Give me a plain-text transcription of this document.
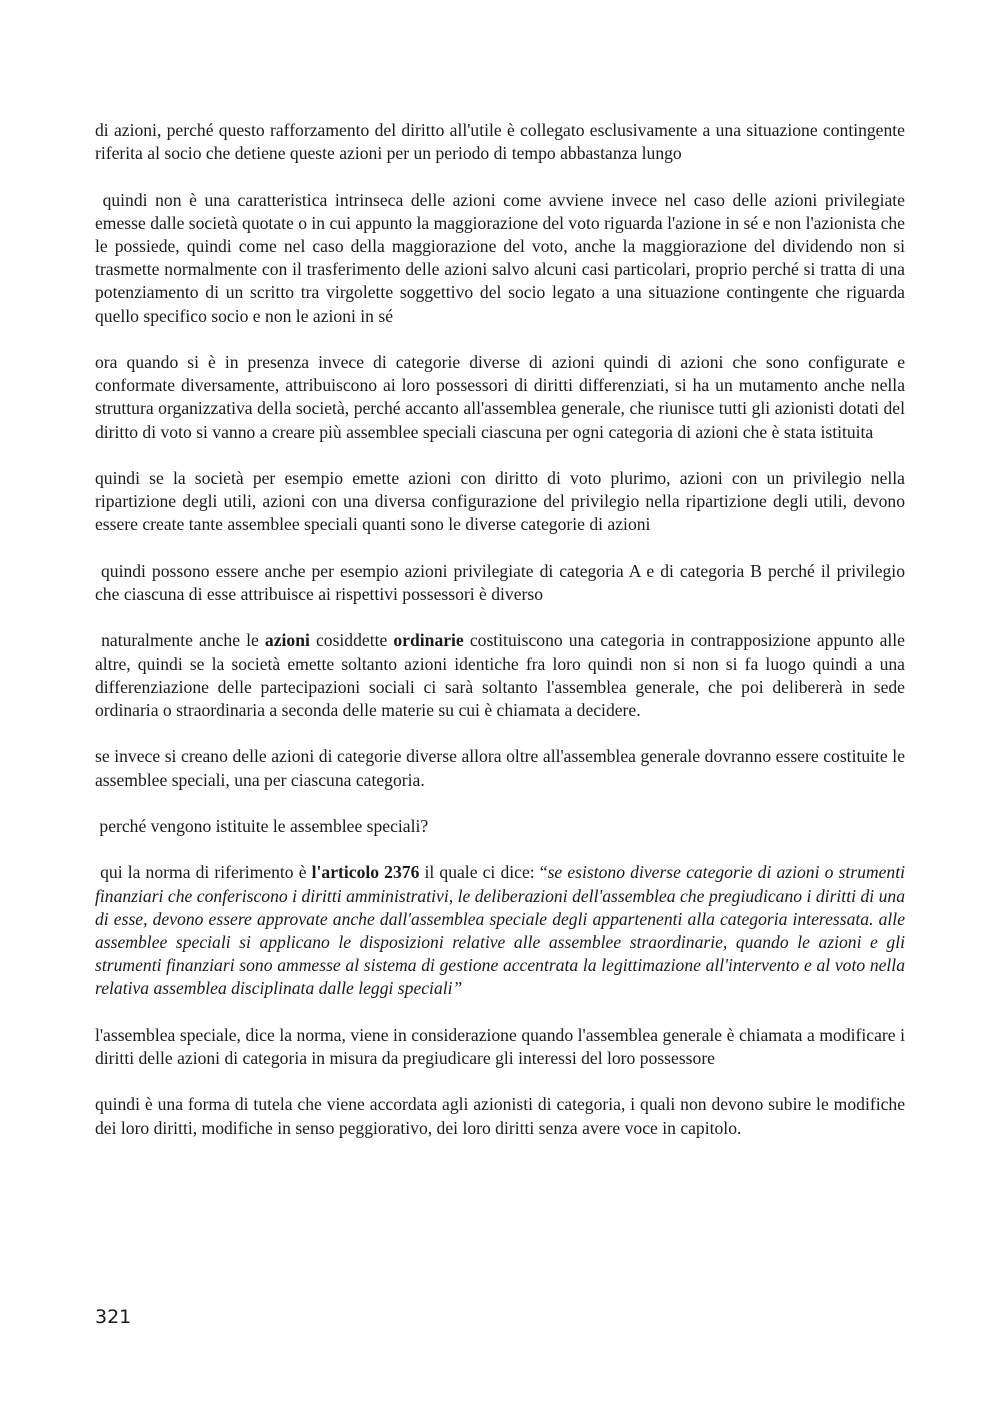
di azioni, perché questo rafforzamento del diritto all'utile è collegato esclusivamente a una situazione contingente riferita al socio che detiene queste azioni per un periodo di tempo abbastanza lungo

quindi non è una caratteristica intrinseca delle azioni come avviene invece nel caso delle azioni privilegiate emesse dalle società quotate o in cui appunto la maggiorazione del voto riguarda l'azione in sé e non l'azionista che le possiede, quindi come nel caso della maggiorazione del voto, anche la maggiorazione del dividendo non si trasmette normalmente con il trasferimento delle azioni salvo alcuni casi particolari, proprio perché si tratta di una potenziamento di un scritto tra virgolette soggettivo del socio legato a una situazione contingente che riguarda quello specifico socio e non le azioni in sé

ora quando si è in presenza invece di categorie diverse di azioni quindi di azioni che sono configurate e conformate diversamente, attribuiscono ai loro possessori di diritti differenziati, si ha un mutamento anche nella struttura organizzativa della società, perché accanto all'assemblea generale, che riunisce tutti gli azionisti dotati del diritto di voto si vanno a creare più assemblee speciali ciascuna per ogni categoria di azioni che è stata istituita

quindi se la società per esempio emette azioni con diritto di voto plurimo, azioni con un privilegio nella ripartizione degli utili, azioni con una diversa configurazione del privilegio nella ripartizione degli utili, devono essere create tante assemblee speciali quanti sono le diverse categorie di azioni

quindi possono essere anche per esempio azioni privilegiate di categoria A e di categoria B perché il privilegio che ciascuna di esse attribuisce ai rispettivi possessori è diverso

naturalmente anche le azioni cosiddette ordinarie costituiscono una categoria in contrapposizione appunto alle altre, quindi se la società emette soltanto azioni identiche fra loro quindi non si non si fa luogo quindi a una differenziazione delle partecipazioni sociali ci sarà soltanto l'assemblea generale, che poi delibererà in sede ordinaria o straordinaria a seconda delle materie su cui è chiamata a decidere.

se invece si creano delle azioni di categorie diverse allora oltre all'assemblea generale dovranno essere costituite le assemblee speciali, una per ciascuna categoria.

perché vengono istituite le assemblee speciali?

qui la norma di riferimento è l'articolo 2376 il quale ci dice: “se esistono diverse categorie di azioni o strumenti finanziari che conferiscono i diritti amministrativi, le deliberazioni dell'assemblea che pregiudicano i diritti di una di esse, devono essere approvate anche dall'assemblea speciale degli appartenenti alla categoria interessata. alle assemblee speciali si applicano le disposizioni relative alle assemblee straordinarie, quando le azioni e gli strumenti finanziari sono ammesse al sistema di gestione accentrata la legittimazione all'intervento e al voto nella relativa assemblea disciplinata dalle leggi speciali”

l'assemblea speciale, dice la norma, viene in considerazione quando l'assemblea generale è chiamata a modificare i diritti delle azioni di categoria in misura da pregiudicare gli interessi del loro possessore

quindi è una forma di tutela che viene accordata agli azionisti di categoria, i quali non devono subire le modifiche dei loro diritti, modifiche in senso peggiorativo, dei loro diritti senza avere voce in capitolo.

321
